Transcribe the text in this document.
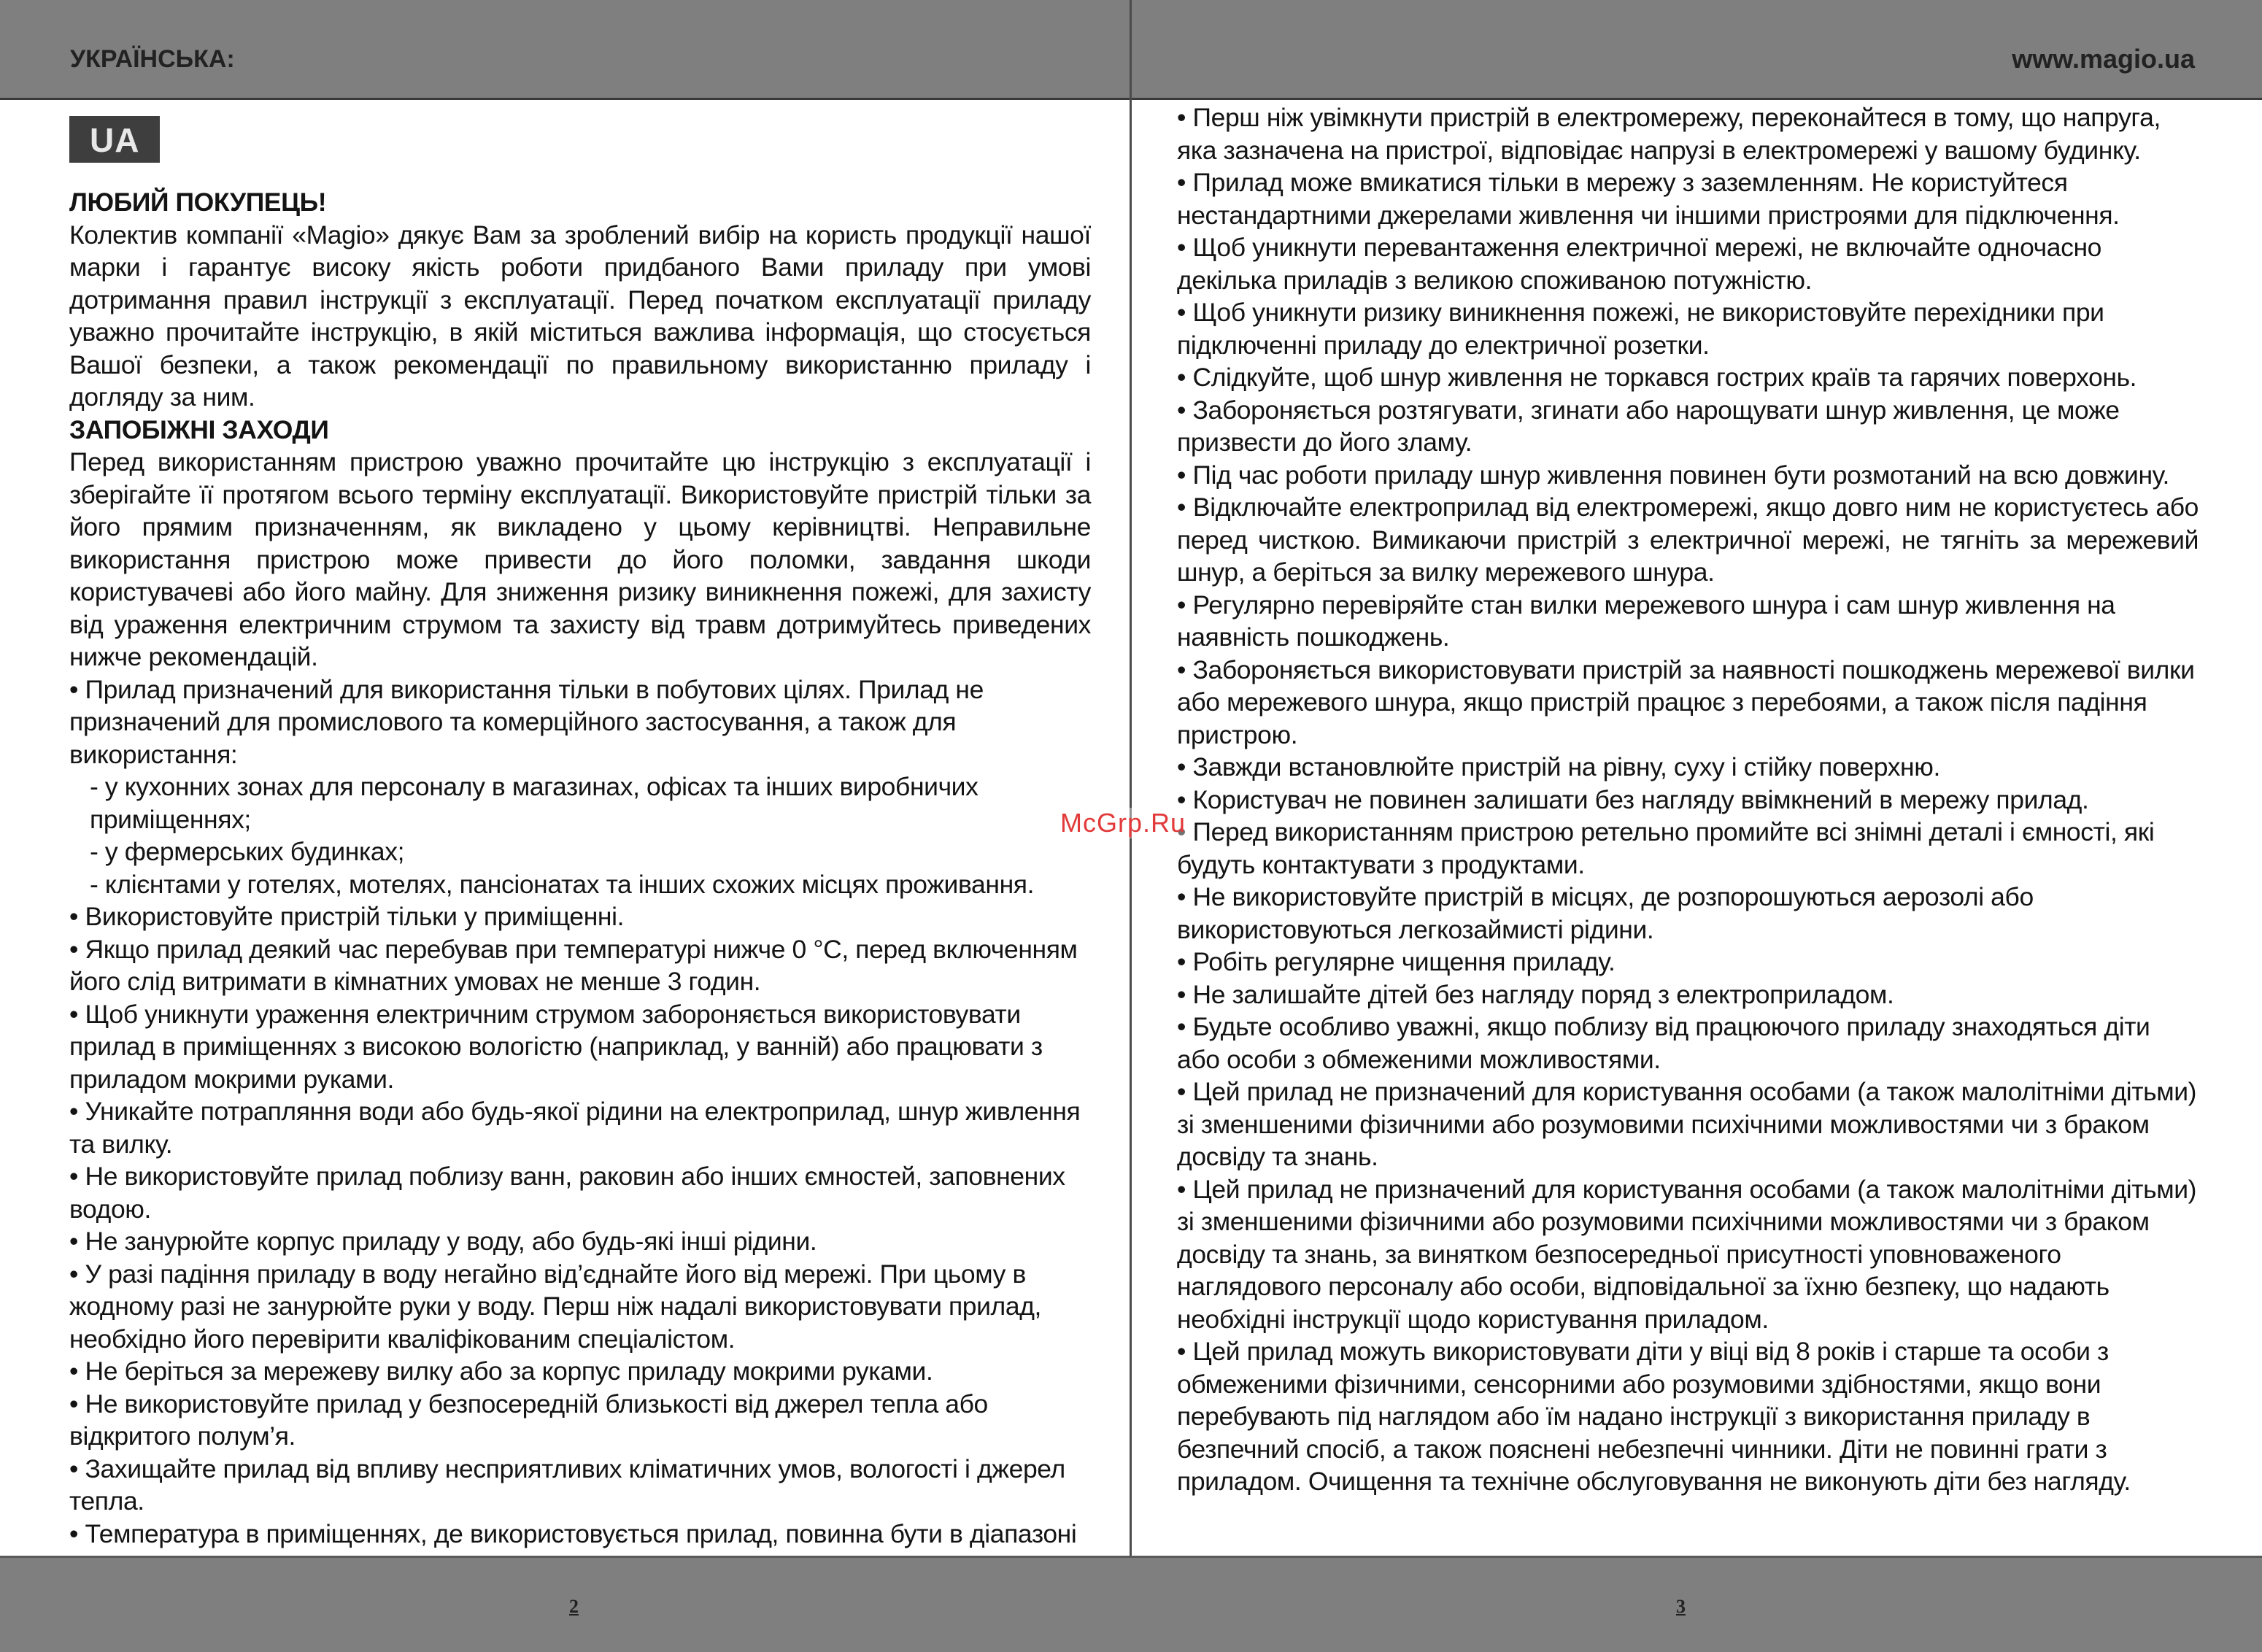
УКРАЇНСЬКА:	www.magio.ua
UA

ЛЮБИЙ ПОКУПЕЦЬ!

Колектив компанії «Magio» дякує Вам за зроблений вибір на користь продукції нашої марки і гарантує високу якість роботи придбаного Вами приладу при умові дотримання правил інструкції з експлуатації. Перед початком експлуатації приладу уважно прочитайте інструкцію, в якій міститься важлива інформація, що стосується Вашої безпеки, а також рекомендації по правильному використанню приладу і догляду за ним.

ЗАПОБІЖНІ ЗАХОДИ

Перед використанням пристрою уважно прочитайте цю інструкцію з експлуатації і зберігайте її протягом всього терміну експлуатації. Використовуйте пристрій тільки за його прямим призначенням, як викладено у цьому керівництві. Неправильне використання пристрою може привести до його поломки, завдання шкоди користувачеві або його майну. Для зниження ризику виникнення пожежі, для захисту від ураження електричним струмом та захисту від травм дотримуйтесь приведених нижче рекомендацій.

• Прилад призначений для використання тільки в побутових цілях. Прилад не призначений для промислового та комерційного застосування, а також для використання:

- у кухонних зонах для персоналу в магазинах, офісах та інших виробничих приміщеннях;

- у фермерських будинках;

- клієнтами у готелях, мотелях, пансіонатах та інших схожих місцях проживання.

• Використовуйте пристрій тільки у приміщенні.

• Якщо прилад деякий час перебував при температурі нижче 0 °С, перед включенням його слід витримати в кімнатних умовах не менше 3 годин.

• Щоб уникнути ураження електричним струмом забороняється використовувати прилад в приміщеннях з високою вологістю (наприклад, у ванній) або працювати з приладом мокрими руками.

• Уникайте потрапляння води або будь-якої рідини на електроприлад, шнур живлення та вилку.

• Не використовуйте прилад поблизу ванн, раковин або інших ємностей, заповнених водою.

• Не занурюйте корпус приладу у воду, або будь-які інші рідини.

• У разі падіння приладу в воду негайно від’єднайте його від мережі. При цьому в жодному разі не занурюйте руки у воду. Перш ніж надалі використовувати прилад, необхідно його перевірити кваліфікованим спеціалістом.

• Не беріться за мережеву вилку або за корпус приладу мокрими руками.

• Не використовуйте прилад у безпосередній близькості від джерел тепла або відкритого полум’я.

• Захищайте прилад від впливу несприятливих кліматичних умов, вологості і джерел тепла.

• Температура в приміщеннях, де використовується прилад, повинна бути в діапазоні

• Перш ніж увімкнути пристрій в електромережу, переконайтеся в тому, що напруга, яка зазначена на пристрої, відповідає напрузі в електромережі у вашому будинку.

• Прилад може вмикатися тільки в мережу з заземленням. Не користуйтеся нестандартними джерелами живлення чи іншими пристроями для підключення.

• Щоб уникнути перевантаження електричної мережі, не включайте одночасно декілька приладів з великою споживаною потужністю.

• Щоб уникнути ризику виникнення пожежі, не використовуйте перехідники при підключенні приладу до електричної розетки.

• Слідкуйте, щоб шнур живлення не торкався гострих країв та гарячих поверхонь.

• Забороняється розтягувати, згинати або нарощувати шнур живлення, це може призвести до його зламу.

• Під час роботи приладу шнур живлення повинен бути розмотаний на всю довжину.

• Відключайте електроприлад від електромережі, якщо довго ним не користуєтесь або перед чисткою. Вимикаючи пристрій з електричної мережі, не тягніть за мережевий шнур, а беріться за вилку мережевого шнура.

• Регулярно перевіряйте стан вилки мережевого шнура і сам шнур живлення на наявність пошкоджень.

• Забороняється використовувати пристрій за наявності пошкоджень мережевої вилки або мережевого шнура, якщо пристрій працює з перебоями, а також після падіння пристрою.

• Завжди встановлюйте пристрій на рівну, суху і стійку поверхню.

• Користувач не повинен залишати без нагляду ввімкнений в мережу прилад.

• Перед використанням пристрою ретельно промийте всі знімні деталі і ємності, які будуть контактувати з продуктами.

• Не використовуйте пристрій в місцях, де розпорошуються аерозолі або використовуються легкозаймисті рідини.

• Робіть регулярне чищення приладу.

• Не залишайте дітей без нагляду поряд з електроприладом.

• Будьте особливо уважні, якщо поблизу від працюючого приладу знаходяться діти або особи з обмеженими можливостями.

• Цей прилад не призначений для користування особами (а також малолітніми дітьми) зі зменшеними фізичними або розумовими психічними можливостями чи з браком досвіду та знань.

• Цей прилад не призначений для користування особами (а також малолітніми дітьми) зі зменшеними фізичними або розумовими психічними можливостями чи з браком досвіду та знань, за винятком безпосередньої присутності уповноваженого наглядового персоналу або особи, відповідальної за їхню безпеку, що надають необхідні інструкції щодо користування приладом.

• Цей прилад можуть використовувати діти у віці від 8 років і старше та особи з обмеженими фізичними, сенсорними або розумовими здібностями, якщо вони перебувають під наглядом або їм надано інструкції з використання приладу в безпечний спосіб, а також пояснені небезпечні чинники. Діти не повинні грати з приладом. Очищення та технічне обслуговування не виконують діти без нагляду.

McGrp.Ru
2	3
